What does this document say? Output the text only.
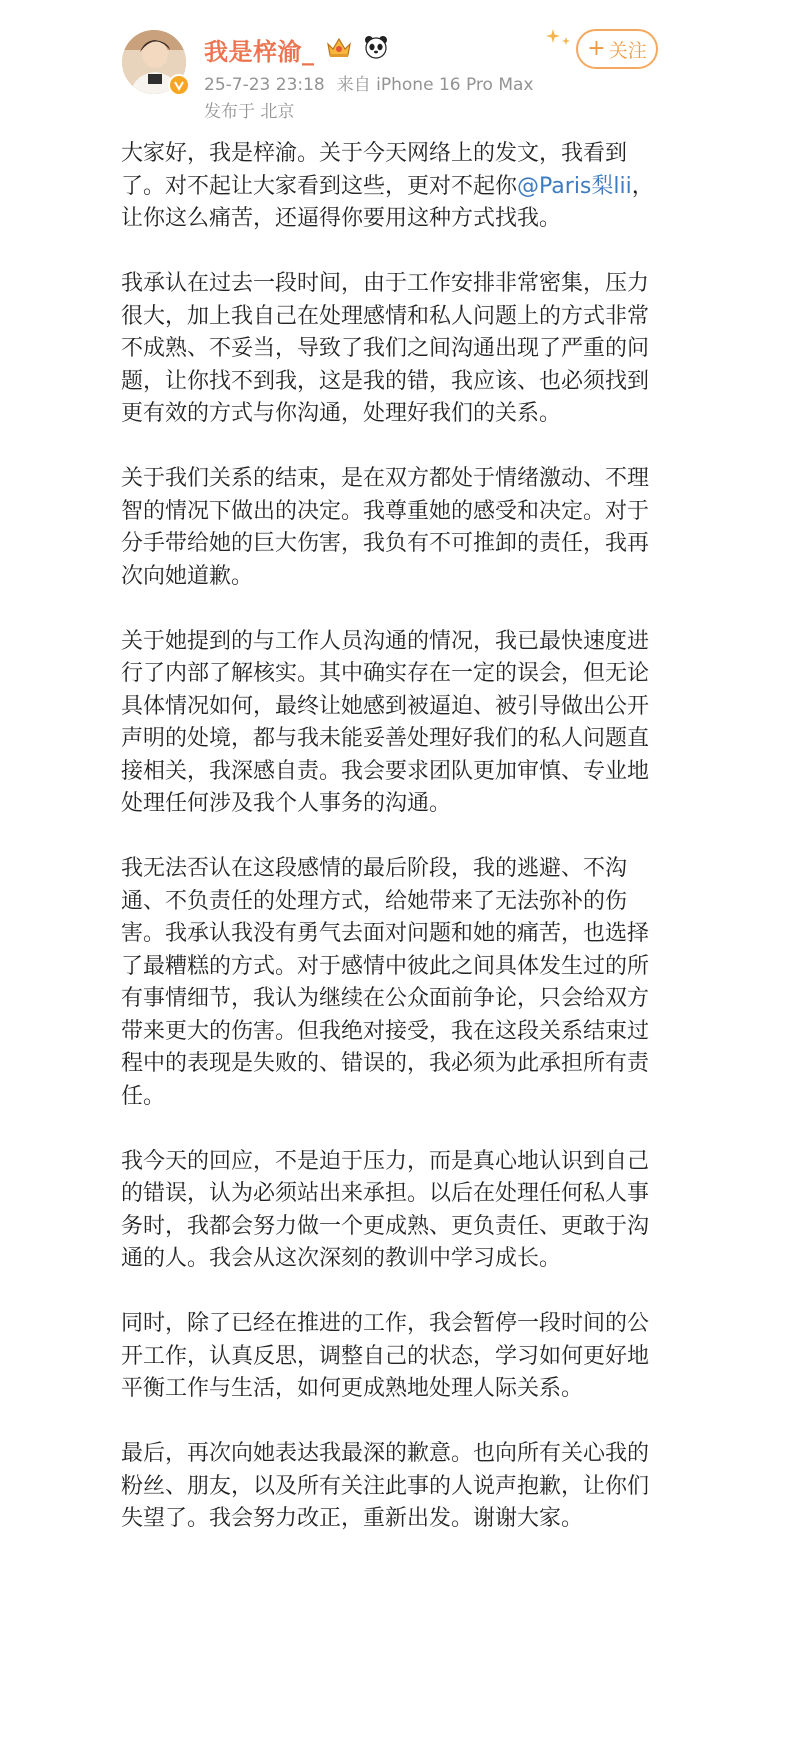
我是梓渝_
25-7-23 23:18 来自 iPhone 16 Pro Max
发布于 北京
+ 关注

大家好，我是梓渝。关于今天网络上的发文，我看到了。对不起让大家看到这些，更对不起你@Paris梨lii，让你这么痛苦，还逼得你要用这种方式找我。

我承认在过去一段时间，由于工作安排非常密集，压力很大，加上我自己在处理感情和私人问题上的方式非常不成熟、不妥当，导致了我们之间沟通出现了严重的问题，让你找不到我，这是我的错，我应该、也必须找到更有效的方式与你沟通，处理好我们的关系。

关于我们关系的结束，是在双方都处于情绪激动、不理智的情况下做出的决定。我尊重她的感受和决定。对于分手带给她的巨大伤害，我负有不可推卸的责任，我再次向她道歉。

关于她提到的与工作人员沟通的情况，我已最快速度进行了内部了解核实。其中确实存在一定的误会，但无论具体情况如何，最终让她感到被逼迫、被引导做出公开声明的处境，都与我未能妥善处理好我们的私人问题直接相关，我深感自责。我会要求团队更加审慎、专业地处理任何涉及我个人事务的沟通。

我无法否认在这段感情的最后阶段，我的逃避、不沟通、不负责任的处理方式，给她带来了无法弥补的伤害。我承认我没有勇气去面对问题和她的痛苦，也选择了最糟糕的方式。对于感情中彼此之间具体发生过的所有事情细节，我认为继续在公众面前争论，只会给双方带来更大的伤害。但我绝对接受，我在这段关系结束过程中的表现是失败的、错误的，我必须为此承担所有责任。

我今天的回应，不是迫于压力，而是真心地认识到自己的错误，认为必须站出来承担。以后在处理任何私人事务时，我都会努力做一个更成熟、更负责任、更敢于沟通的人。我会从这次深刻的教训中学习成长。

同时，除了已经在推进的工作，我会暂停一段时间的公开工作，认真反思，调整自己的状态，学习如何更好地平衡工作与生活，如何更成熟地处理人际关系。

最后，再次向她表达我最深的歉意。也向所有关心我的粉丝、朋友，以及所有关注此事的人说声抱歉，让你们失望了。我会努力改正，重新出发。谢谢大家。
